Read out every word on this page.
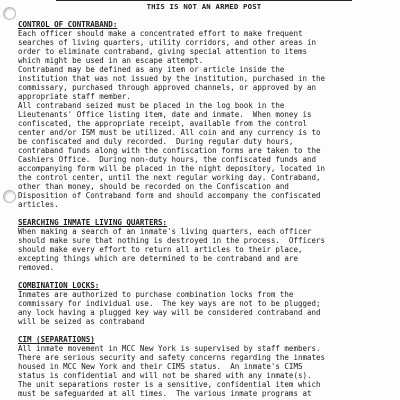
THIS IS NOT AN ARMED POST

CONTROL OF CONTRABAND:

Each officer should make a concentrated effort to make frequent

searches of living quarters, utility corridors, and other areas in

order to eliminate contraband, giving special attention to items

which might be used in an escape attempt.

Contraband may be defined as any item or article inside the

institution that was not issued by the institution, purchased in the

commissary, purchased through approved channels, or approved by an

appropriate staff member.

All contraband seized must be placed in the log book in the

Lieutenants' Office listing item, date and inmate.  When money is

confiscated, the appropriate receipt, available from the control

center and/or ISM must be utilized. All coin and any currency is to

be confiscated and duly recorded.  During regular duty hours,

contraband funds along with the confiscation forms are taken to the

Cashiers Office.  During non-duty hours, the confiscated funds and

accompanying form will be placed in the night depository, located in

the control center, until the next regular working day. Contraband,

other than money, should be recorded on the Confiscation and

Disposition of Contraband form and should accompany the confiscated

articles.

SEARCHING INMATE LIVING QUARTERS:

When making a search of an inmate's living quarters, each officer

should make sure that nothing is destroyed in the process.  Officers

should make every effort to return all articles to their place,

excepting things which are determined to be contraband and are

removed.

COMBINATION LOCKS:

Inmates are authorized to purchase combination locks from the

commissary for individual use.  The key ways are not to be plugged;

any lock having a plugged key way will be considered contraband and

will be seized as contraband

CIM (SEPARATIONS)

All inmate movement in MCC New York is supervised by staff members.

There are serious security and safety concerns regarding the inmates

housed in MCC New York and their CIMS status.  An inmate's CIMS

status is confidential and will not be shared with any inmate(s).

The unit separations roster is a sensitive, confidential item which

must be safeguarded at all times.  The various inmate programs at
